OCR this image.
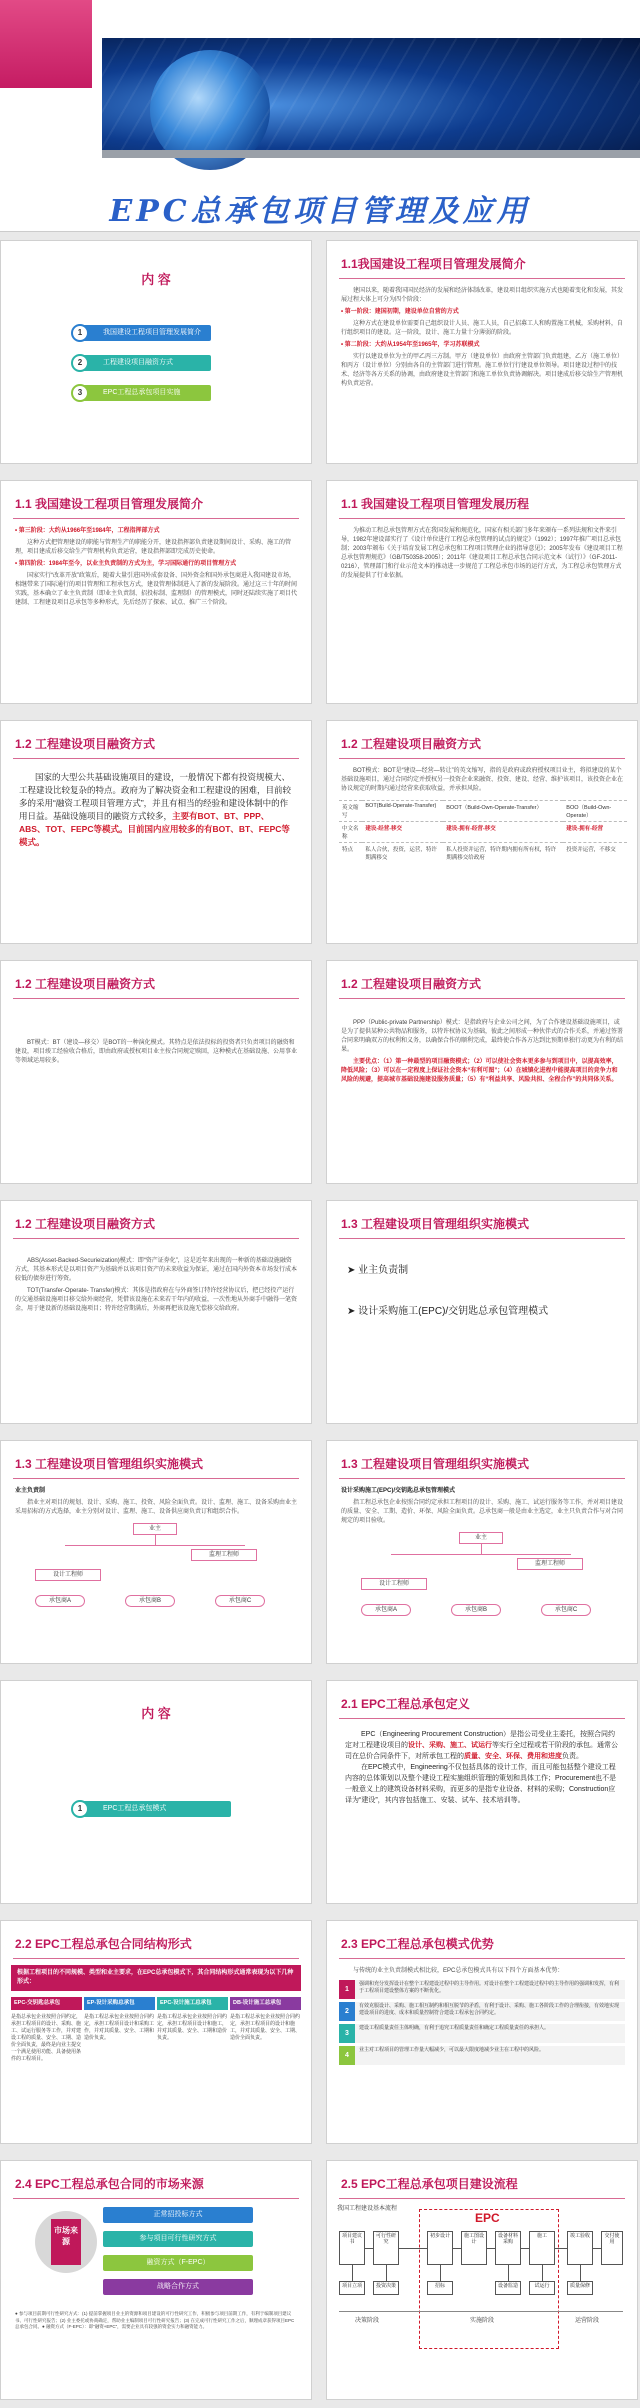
EPC总承包项目管理及应用
内 容
1	我国建设工程项目管理发展简介
2	工程建设项目融资方式
3	EPC工程总承包项目实施
1.1我国建设工程项目管理发展简介

建国以来，随着我国国民经济的发展和经济体制改革，建设项目组织实施方式也随着变化和发展，其发展过程大体上可分为四个阶段：

• 第一阶段：建国初期，建设单位自营的方式

这种方式在建设单位需要自己组织设计人员、施工人员，自己招募工人和购置施工机械，采购材料，自行组织项目的建设。这一阶段，设计、施工力量十分薄弱的阶段。

• 第二阶段：大约从1954年至1965年，学习苏联模式

实行以建设单位为主的甲乙丙三方制。甲方（建设单位）由政府主管部门负责组建，乙方（施工单位）和丙方（设计单位）分别由各自的主管部门进行管理。施工单位行行建设单位领导。项目建设过程中的技术、经济等各方关系的协调，由政府建设主管部门和施工单位负责协调解决。项目建成后移交给生产管理机构负责运营。

1.1 我国建设工程项目管理发展简介

• 第三阶段：大约从1966年至1984年，工程指挥部方式

这种方式把管理建设的职能与管理生产的职能分开，建设指挥部负责建设期间设计、采购、施工的管理，项目建成后移交给生产管理机构负责运营，建设指挥部即完成历史使命。

• 第四阶段：1984年至今，以业主负责制的方式为主，学习国际通行的项目管理方式

国家实行“改革开放”政策后，随着大量引进国外成套设备、国外资金和国外承包商进入我国建设市场，相继带来了国际通行的项目管理和工程承包方式，建设管理体制进入了新的发展阶段。通过这三十年的时间实践，基本确立了业主负责制（即业主负责制、招投标制、监理制）的管理模式，同时还陆续实施了项目代建制、工程建设项目总承包等多种形式，先后经历了探索、试点、推广三个阶段。

1.1 我国建设工程项目管理发展历程

为推动工程总承包管理方式在我国发展和规范化，国家有相关部门多年来颁布一系列法规和文件来引导，1982年建设部实行了《设计单位进行工程总承包管理的试点的规定》（1992）；1997年推广项目总承包制；2003年颁布《关于培育发展工程总承包和工程项目管理企业的指导意见》；2005年发布《建设项目工程总承包管理规范》（GB/T50358-2005）；2011年《建设项目工程总承包合同示范文本（试行）》（GF-2011-0216），管理部门和行业示范文本的推动进一步规范了工程总承包市场的运行方式，为工程总承包管理方式的发展提供了行业依据。

1.2 工程建设项目融资方式

国家的大型公共基础设施项目的建设，一般情况下都有投资规模大、工程建设比较复杂的特点。政府为了解决资金和工程建设的困难，目前较多的采用“融资工程项目管理方式”，并且有相当的经验和建设体制中的作用日益。基础设施项目的融资方式较多，主要有BOT、BT、PPP、ABS、TOT、FEPC等模式。目前国内应用较多的有BOT、BT、FEPC等模式。

1.2 工程建设项目融资方式

BOT模式：BOT是“建设—经营—转让”的英文缩写，指的是政府或政府授权项目业主，将拟建设的某个基础设施项目，通过合同约定并授权另一投资企业来融资、投资、建设、经营、维护该项目，该投资企业在协议规定的时期内通过经营来获取收益，并承担风险。

英文缩写	BOT(Build-Operate-Transfer)	BOOT（Build-Own-Operate-Transfer）	BOO（Build-Own-Operate）
中文名称	建设-经营-移交	建设-拥有-经营-移交	建设-拥有-经营
特点	私人合伙，投资，运营，特许期满移交	私人投资并运营，特许期内拥有所有权，特许期满移交给政府	投资并运营，不移交
1.2 工程建设项目融资方式

BT模式：BT（建设—移交）是BOT的一种演化模式。其特点是依法投标的投资者只负责项目的融资和建设，项目竣工经验收合格后，即由政府或授权项目业主按合同规定赎回，这种模式在基础设施、公用事业等领域运用较多。

1.2 工程建设项目融资方式

PPP（Public-private Partnership）模式：是指政府与企业公司之间，为了合作建设基础设施项目，或是为了提供某种公共物品和服务，以特许权协议为基础，彼此之间形成一种伙伴式的合作关系，并通过签署合同来明确双方的权利和义务，以确保合作的顺利完成，最终使合作各方达到比预期单独行动更为有利的结果。

主要优点：（1）第一种最型的项目融资模式；（2）可以使社会资本更多参与到项目中，以提高效率，降低风险；（3）可以在一定程度上保证社会资本“有利可图”；（4）在城镇化进程中能提高项目的竞争力和风险的规避，提高城市基础设施建设服务质量；（5）有“利益共享、风险共担、全程合作”的共同体关系。

1.2 工程建设项目融资方式

ABS(Asset-Backed-Securieization)模式：即“资产证券化”，这是近年来出现的一种新的基础设施融资方式，其基本形式是以项目资产为基础并以该项目资产的未来收益为保证，通过在国内外资本市场发行成本较低的债券进行筹资。

TOT(Transfer-Operate- Transfer)模式：其体是指政府在与外商签订特许经营协议后，把已经投产运行的交通基础设施项目移交给外商经营，凭借该设施在未来若干年内的收益，一次性地从外商手中融得一笔资金，用于建设新的基础设施项目；特许经营期满后，外商再把该设施无偿移交给政府。

1.3 工程建设项目管理组织实施模式
➤ 业主负责制
➤ 设计采购施工(EPC)/交钥匙总承包管理模式
1.3 工程建设项目管理组织实施模式

业主负责制

指业主对项目的规划、设计、采购、施工、投资、风险全面负责。设计、监理、施工、设备采购由业主采用招标的方式选择，业主分别对设计、监理、施工、设备供应商负责订和组织合作。

业主
监理工程师
设计工程师
承包商A	承包商B	承包商C
1.3 工程建设项目管理组织实施模式

设计采购施工(EPC)/交钥匙总承包管理模式

指工程总承包企业按照合同约定承担工程项目的设计、采购、施工、试运行服务等工作，并对项目建设的质量、安全、工期、造价、环保、风险全面负责。总承包商一般是由业主选定，业主只负责合作与对合同规定的项目验收。

业主
监理工程师
设计工程师
承包商A	承包商B	承包商C
内 容
1	EPC工程总承包模式
2.1 EPC工程总承包定义

EPC（Engineering Procurement Construction）是指公司受业主委托，按照合同约定对工程建设项目的设计、采购、施工、试运行等实行全过程或若干阶段的承包。通常公司在总价合同条件下，对所承包工程的质量、安全、环保、费用和进度负责。

在EPC模式中，Engineering不仅包括具体的设计工作，而且可能包括整个建设工程内容的总体策划以及整个建设工程实施组织管理的策划和具体工作；Procurement也不是一般意义上的建筑设备材料采购，而更多的是指专业设备、材料的采购；Construction应译为“建设”，其内容包括施工、安装、试车、技术培训等。

2.2 EPC工程总承包合同结构形式
根据工程项目的不同规模、类型和业主要求，在EPC总承包模式下，其合同结构形式通常表现为以下几种形式：
EPC-交钥匙总承包
是指总承包企业按照合同约定，承担工程项目的设计、采购、施工、试运行服务等工作，并对建设工程的质量、安全、工期、造价全面负责，最终是向业主提交一个满足使用功能、具备使用条件的工程项目。
EP-设计采购总承包
是指工程总承包企业按照合同约定，承担工程项目设计和采购工作，并对其质量、安全、工期和造价负责。
EPC-设计施工总承包
是指工程总承包企业按照合同约定，承担工程项目设计和施工，并对其质量、安全、工期和造价负责。
DB-设计施工总承包
是指工程总承包企业按照合同约定，承担工程项目的设计和施工，并对其质量、安全、工期、造价全面负责。
2.3 EPC工程总承包模式优势

与传统的业主负责制模式相比较，EPC总承包模式具有以下四个方面基本优势：

1
强调和充分发挥设计在整个工程建设过程中的主导作用。对设计在整个工程建设过程中的主导作用的强调和发挥，有利于工程项目建设整体方案的不断优化。
2
有效克服设计、采购、施工相互制约和相互脱节的矛盾，有利于设计、采购、施工各阶段工作的合理衔接，有效地实现建设项目的进度、成本和质量控制符合建设工程承包合同约定。
3
建设工程质量责任主体明确，有利于追究工程质量责任和确定工程质量责任的承担人。
4
业主对工程项目的管理工作量大幅减少，可以最大限度地减少业主在工程中的风险。
2.4 EPC工程总承包合同的市场来源
市场来源
正常招投标方式
参与项目可行性研究方式
融资方式（F-EPC）
战略合作方式
● 参与项目前期可行性研究方式：(1) 提前掌握项目业主的资源和项目建设的可行性研究工作，积极参与项目前期工作，有利于编制项目建议书、可行性研究报告；(2) 业主委托或协商确定，帮助业主编制项目可行性研究报告；(3) 在完成可行性研究工作之后，顺理成章获得项目EPC总承包合同。● 融资方式（F-EPC）：即“融资+EPC”，需要企业具有较强的资金实力和融资能力。
2.5 EPC工程总承包项目建设流程
我国工程建设基本流程
EPC
项目建议书
可行性研究
初步设计	施工图设计
设备材料采购
施工	竣工验收	交付使用
项目立项	投资决策	招标	设备监造	试运行	质量保修
决策阶段	实施阶段	运营阶段
